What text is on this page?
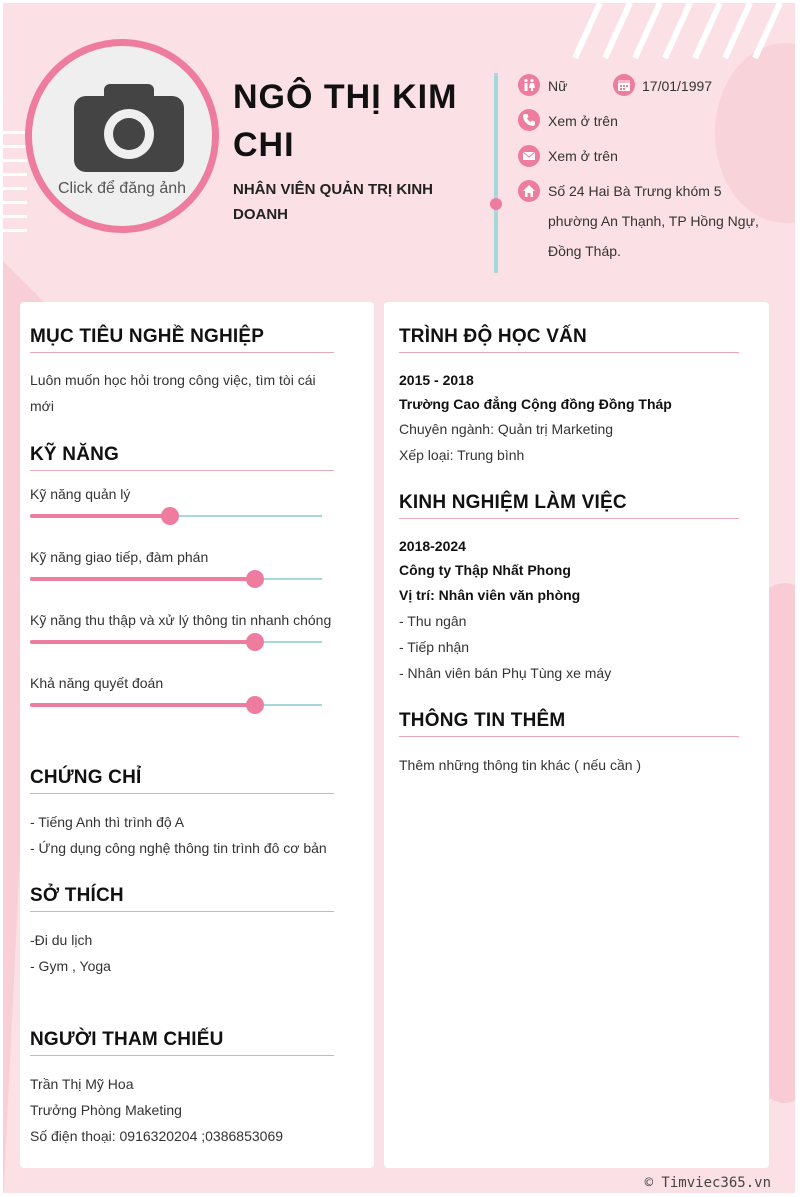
Click để đăng ảnh
NGÔ THỊ KIM CHI
NHÂN VIÊN QUẢN TRỊ KINH DOANH
Nữ	17/01/1997
Xem ở trên
Xem ở trên
Số 24 Hai Bà Trưng khóm 5
phường An Thạnh, TP Hồng Ngự,
Đồng Tháp.
MỤC TIÊU NGHỀ NGHIỆP
Luôn muốn học hỏi trong công việc, tìm tòi cái
mới
KỸ NĂNG
Kỹ năng quản lý
Kỹ năng giao tiếp, đàm phán
Kỹ năng thu thập và xử lý thông tin nhanh chóng
Khả năng quyết đoán
CHỨNG CHỈ
- Tiếng Anh thì trình độ A
- Ứng dụng công nghệ thông tin trình đô cơ bản
SỞ THÍCH
-Đi du lịch
- Gym , Yoga
NGƯỜI THAM CHIẾU
Trần Thị Mỹ Hoa
Trưởng Phòng Maketing
Số điện thoại: 0916320204 ;0386853069
TRÌNH ĐỘ HỌC VẤN
2015 - 2018
Trường Cao đẳng Cộng đồng Đồng Tháp
Chuyên ngành: Quản trị Marketing
Xếp loại: Trung bình
KINH NGHIỆM LÀM VIỆC
2018-2024
Công ty Thập Nhất Phong
Vị trí: Nhân viên văn phòng
- Thu ngân
- Tiếp nhận
- Nhân viên bán Phụ Tùng xe máy
THÔNG TIN THÊM
Thêm những thông tin khác ( nếu cần )
© Timviec365.vn
